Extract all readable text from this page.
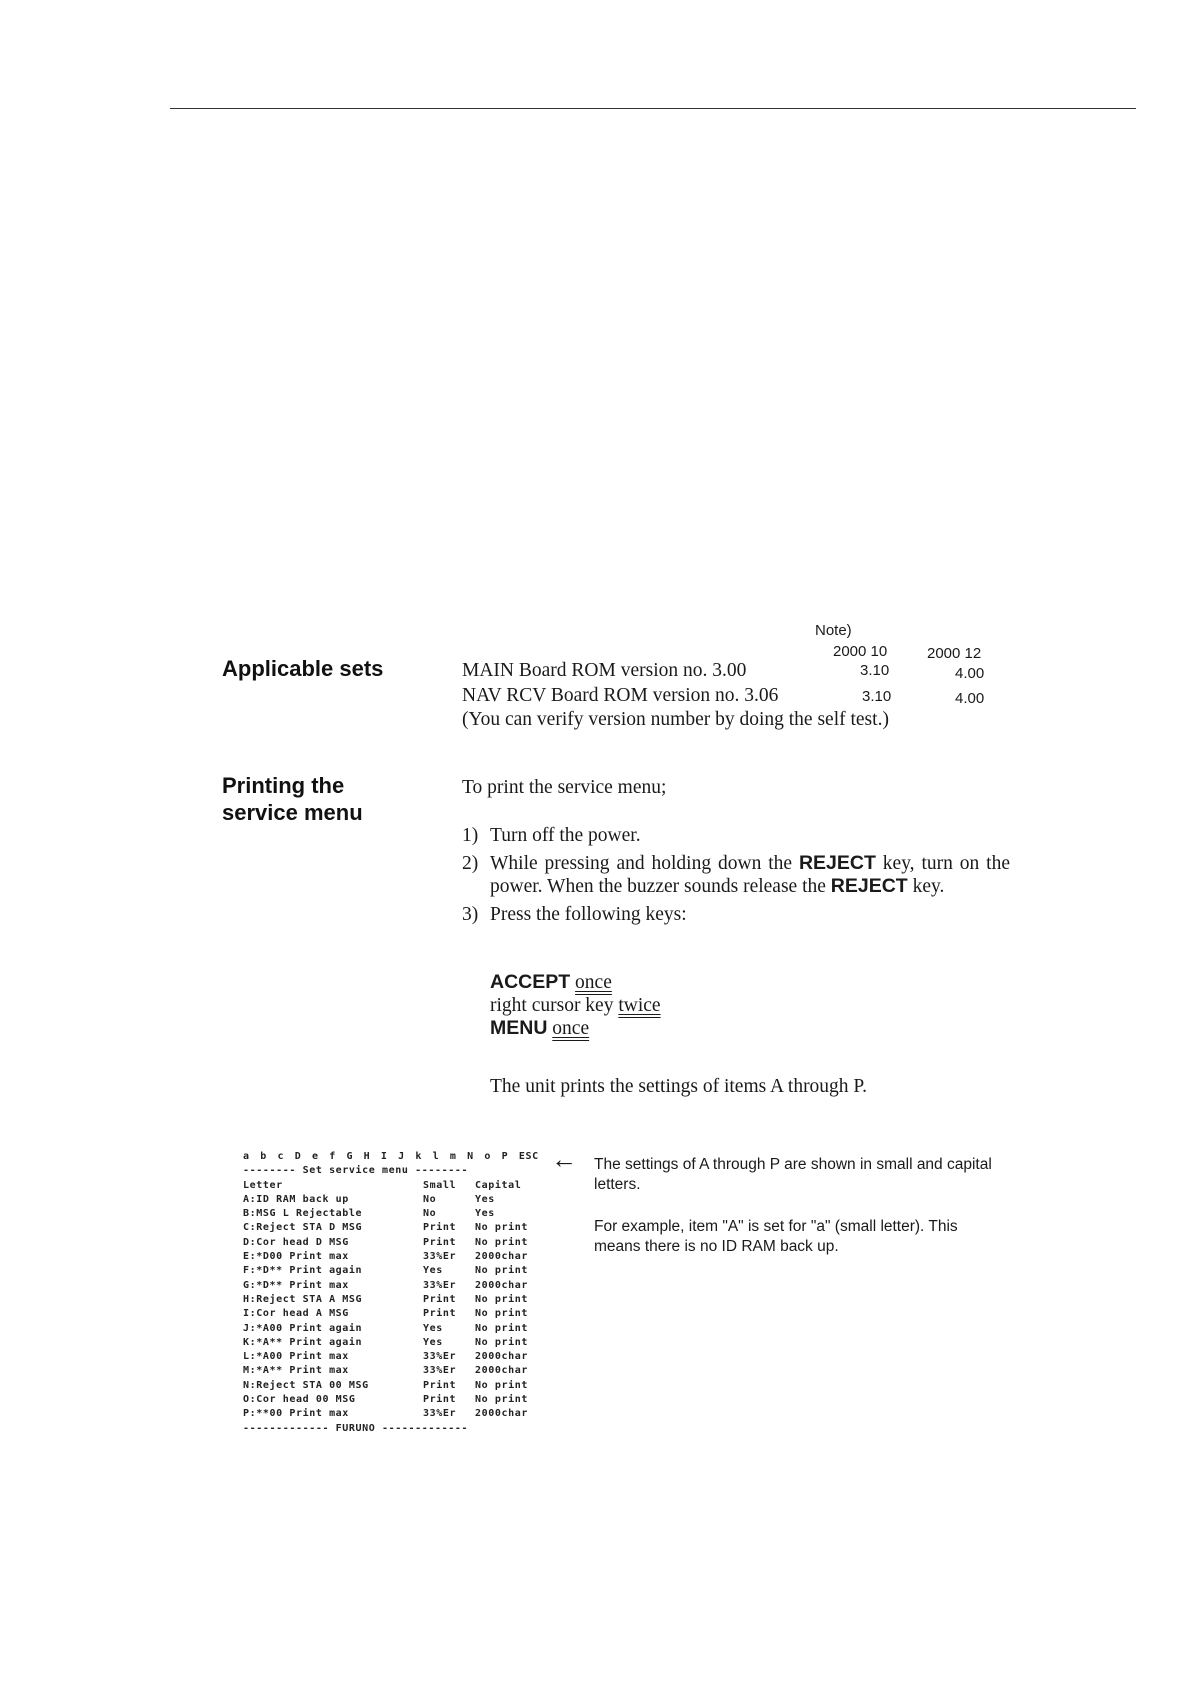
Applicable sets
Note)
2000 10	2000 12
MAIN Board ROM version no. 3.00	3.10	4.00
NAV RCV Board ROM version no. 3.06	3.10	4.00
(You can verify version number by doing the self test.)
Printing the
service menu
To print the service menu;
1) Turn off the power.
2) While pressing and holding down the REJECT key, turn on the power. When the buzzer sounds release the REJECT key.
3) Press the following keys:
ACCEPT once
right cursor key twice
MENU once
The unit prints the settings of items A through P.
a b c D e f G H I J k l m N o P ESC
-------- Set service menu --------
Letter	Small	Capital
A:ID RAM back up	No	Yes
B:MSG L Rejectable	No	Yes
C:Reject STA D MSG	Print	No print
D:Cor head D MSG	Print	No print
E:*D00 Print max	33%Er	2000char
F:*D** Print again	Yes	No print
G:*D** Print max	33%Er	2000char
H:Reject STA A MSG	Print	No print
I:Cor head A MSG	Print	No print
J:*A00 Print again	Yes	No print
K:*A** Print again	Yes	No print
L:*A00 Print max	33%Er	2000char
M:*A** Print max	33%Er	2000char
N:Reject STA 00 MSG	Print	No print
O:Cor head 00 MSG	Print	No print
P:**00 Print max	33%Er	2000char
------------- FURUNO -------------
← The settings of A through P are shown in small and capital letters.
For example, item "A" is set for "a" (small letter). This means there is no ID RAM back up.
